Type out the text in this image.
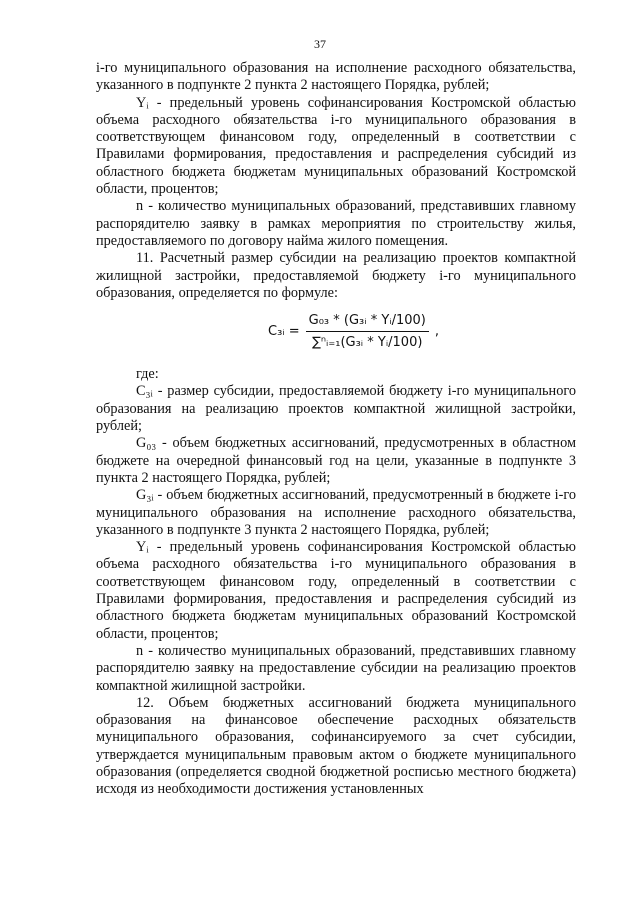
37

i-го муниципального образования на исполнение расходного обязательства, указанного в подпункте 2 пункта 2 настоящего Порядка, рублей;

Yᵢ - предельный уровень софинансирования Костромской областью объема расходного обязательства i-го муниципального образования в соответствующем финансовом году, определенный в соответствии с Правилами формирования, предоставления и распределения субсидий из областного бюджета бюджетам муниципальных образований Костромской области, процентов;

n - количество муниципальных образований, представивших главному распорядителю заявку в рамках мероприятия по строительству жилья, предоставляемого по договору найма жилого помещения.

11. Расчетный размер субсидии на реализацию проектов компактной жилищной застройки, предоставляемой бюджету i-го муниципального образования, определяется по формуле:

C₃ᵢ = $\frac{\text{G₀₃ * (G₃ᵢ * Yᵢ/100)}}{\text{∑ⁿᵢ₌₁(G₃ᵢ * Yᵢ/100)}}$ ,

где:

C₃ᵢ - размер субсидии, предоставляемой бюджету i-го муниципального образования на реализацию проектов компактной жилищной застройки, рублей;

G₀₃ - объем бюджетных ассигнований, предусмотренных в областном бюджете на очередной финансовый год на цели, указанные в подпункте 3 пункта 2 настоящего Порядка, рублей;

G₃ᵢ - объем бюджетных ассигнований, предусмотренный в бюджете i-го муниципального образования на исполнение расходного обязательства, указанного в подпункте 3 пункта 2 настоящего Порядка, рублей;

Yᵢ - предельный уровень софинансирования Костромской областью объема расходного обязательства i-го муниципального образования в соответствующем финансовом году, определенный в соответствии с Правилами формирования, предоставления и распределения субсидий из областного бюджета бюджетам муниципальных образований Костромской области, процентов;

n - количество муниципальных образований, представивших главному распорядителю заявку на предоставление субсидии на реализацию проектов компактной жилищной застройки.

12. Объем бюджетных ассигнований бюджета муниципального образования на финансовое обеспечение расходных обязательств муниципального образования, софинансируемого за счет субсидии, утверждается муниципальным правовым актом о бюджете муниципального образования (определяется сводной бюджетной росписью местного бюджета) исходя из необходимости достижения установленных
